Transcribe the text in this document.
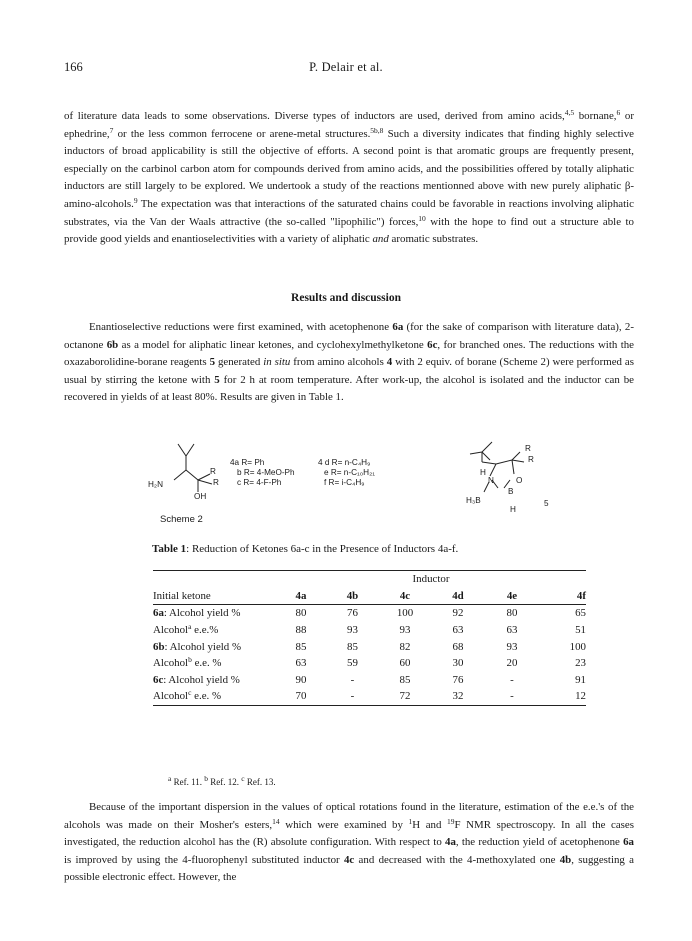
166	P. Delair et al.
of literature data leads to some observations. Diverse types of inductors are used, derived from amino acids,$^{4,5}$ bornane,$^6$ or ephedrine,$^7$ or the less common ferrocene or arene-metal structures.$^{5b,8}$ Such a diversity indicates that finding highly selective inductors of broad applicability is still the objective of efforts. A second point is that aromatic groups are frequently present, especially on the carbinol carbon atom for compounds derived from amino acids, and the possibilities offered by totally aliphatic inductors are still largely to be explored. We undertook a study of the reactions mentionned above with new purely aliphatic β-amino-alcohols.$^9$ The expectation was that interactions of the saturated chains could be favorable in reactions involving aliphatic substrates, via the Van der Waals attractive (the so-called "lipophilic") forces,$^{10}$ with the hope to find out a structure able to provide good yields and enantioselectivities with a variety of aliphatic and aromatic substrates.
Results and discussion
Enantioselective reductions were first examined, with acetophenone 6a (for the sake of comparison with literature data), 2-octanone 6b as a model for aliphatic linear ketones, and cyclohexylmethylketone 6c, for branched ones. The reductions with the oxazaborolidine-borane reagents 5 generated in situ from amino alcohols 4 with 2 equiv. of borane (Scheme 2) were performed as usual by stirring the ketone with 5 for 2 h at room temperature. After work-up, the alcohol is isolated and the inductor can be recovered in yields of at least 80%. Results are given in Table 1.
H₂N
OH
R
R
4a R= Ph
b R= 4-MeO-Ph
c R= 4-F-Ph
4 d R= n-C₄H₉
e R= n-C₁₀H₂₁
f R= i-C₄H₉
R
R
H
N
B
O
H₃B
H
5
Scheme 2
Table 1: Reduction of Ketones 6a-c in the Presence of Inductors 4a-f.
	Inductor					
Initial ketone	4a	4b	4c	4d	4e	4f
6a: Alcohol yield %	80	76	100	92	80	65
Alcohol$^a$ e.e.%	88	93	93	63	63	51
6b: Alcohol yield %	85	85	82	68	93	100
Alcohol$^b$ e.e. %	63	59	60	30	20	23
6c: Alcohol yield %	90	-	85	76	-	91
Alcohol$^c$ e.e. %	70	-	72	32	-	12
$^a$ Ref. 11. $^b$ Ref. 12. $^c$ Ref. 13.
Because of the important dispersion in the values of optical rotations found in the literature, estimation of the e.e.'s of the alcohols was made on their Mosher's esters,$^{14}$ which were examined by $^1$H and $^{19}$F NMR spectroscopy. In all the cases investigated, the reduction alcohol has the (R) absolute configuration. With respect to 4a, the reduction yield of acetophenone 6a is improved by using the 4-fluorophenyl substituted inductor 4c and decreased with the 4-methoxylated one 4b, suggesting a possible electronic effect. However, the
